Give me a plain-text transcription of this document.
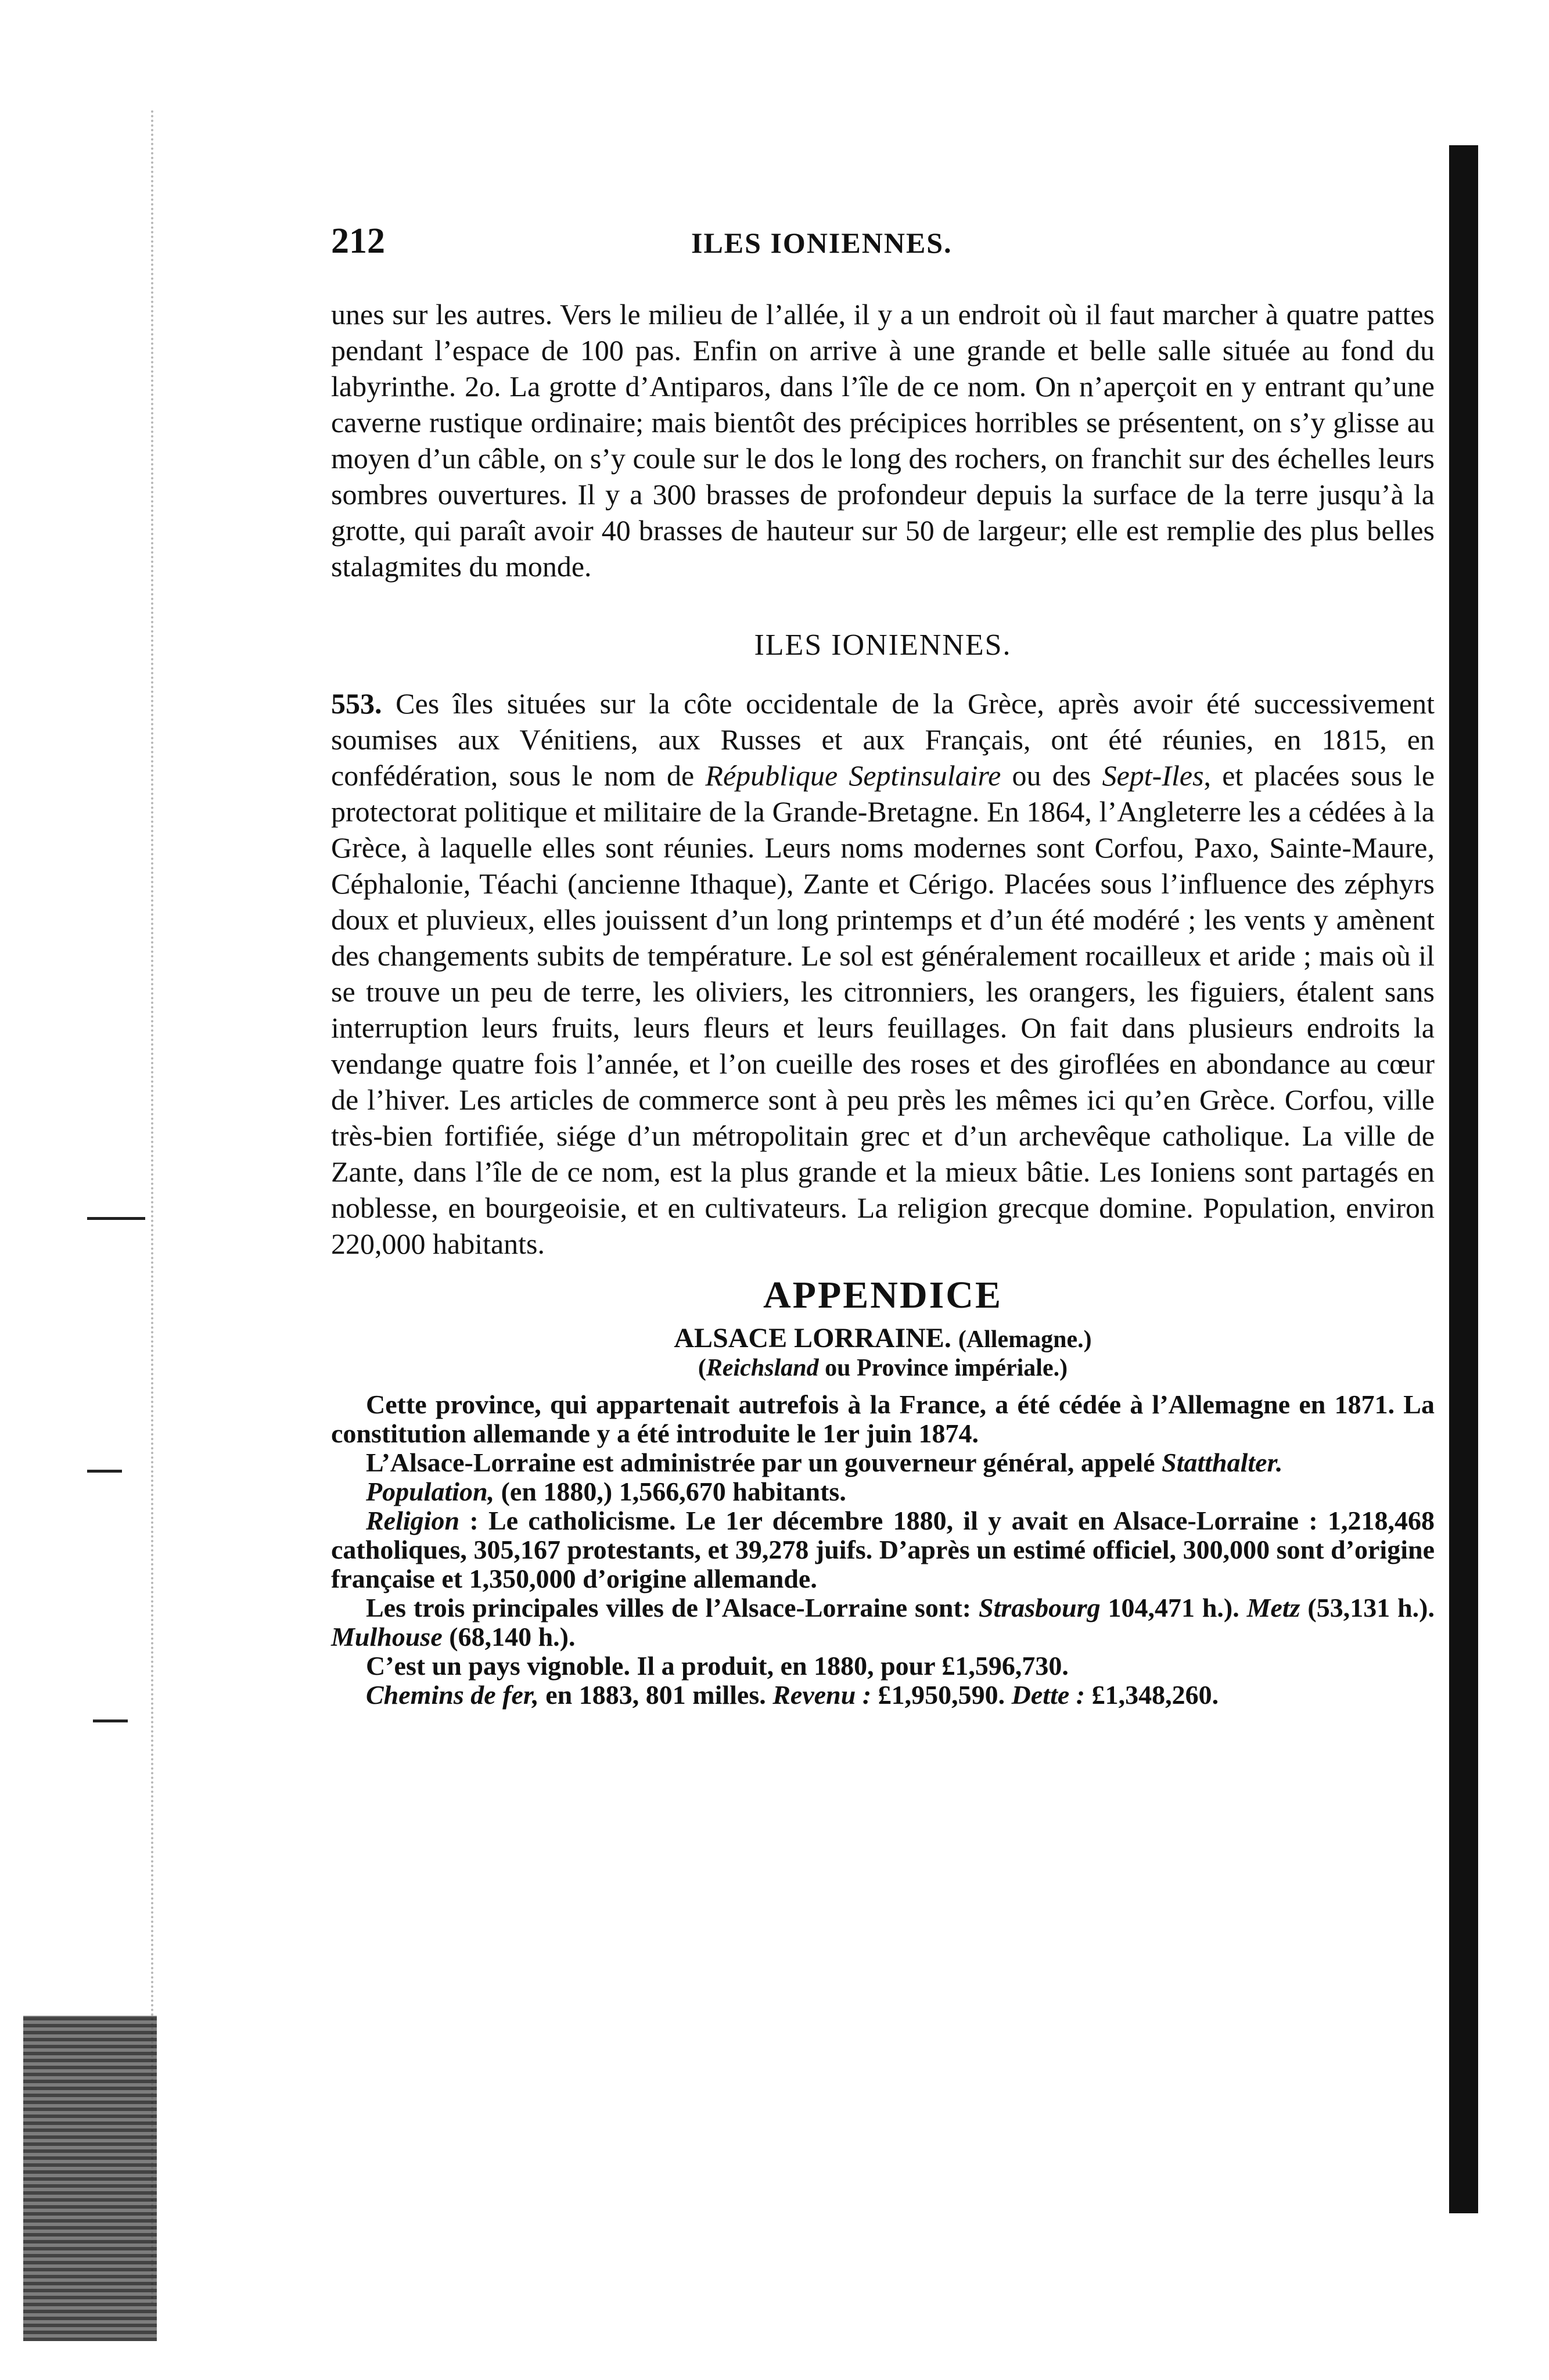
212	ILES IONIENNES.

unes sur les autres. Vers le milieu de l’allée, il y a un endroit où il faut marcher à quatre pattes pendant l’espace de 100 pas. Enfin on arrive à une grande et belle salle située au fond du labyrinthe. 2o. La grotte d’Antiparos, dans l’île de ce nom. On n’aperçoit en y entrant qu’une caverne rustique ordinaire; mais bientôt des précipices horribles se présentent, on s’y glisse au moyen d’un câble, on s’y coule sur le dos le long des rochers, on franchit sur des échelles leurs sombres ouvertures. Il y a 300 brasses de profondeur depuis la surface de la terre jusqu’à la grotte, qui paraît avoir 40 brasses de hauteur sur 50 de largeur; elle est remplie des plus belles stalagmites du monde.

ILES IONIENNES.

553. Ces îles situées sur la côte occidentale de la Grèce, après avoir été successivement soumises aux Vénitiens, aux Russes et aux Français, ont été réunies, en 1815, en confédération, sous le nom de République Septinsulaire ou des Sept-Iles, et placées sous le protectorat politique et militaire de la Grande-Bretagne. En 1864, l’Angleterre les a cédées à la Grèce, à laquelle elles sont réunies. Leurs noms modernes sont Corfou, Paxo, Sainte-Maure, Céphalonie, Téachi (ancienne Ithaque), Zante et Cérigo. Placées sous l’influence des zéphyrs doux et pluvieux, elles jouissent d’un long printemps et d’un été modéré ; les vents y amènent des changements subits de température. Le sol est généralement rocailleux et aride ; mais où il se trouve un peu de terre, les oliviers, les citronniers, les orangers, les figuiers, étalent sans interruption leurs fruits, leurs fleurs et leurs feuillages. On fait dans plusieurs endroits la vendange quatre fois l’année, et l’on cueille des roses et des giroflées en abondance au cœur de l’hiver. Les articles de commerce sont à peu près les mêmes ici qu’en Grèce. Corfou, ville très-bien fortifiée, siége d’un métropolitain grec et d’un archevêque catholique. La ville de Zante, dans l’île de ce nom, est la plus grande et la mieux bâtie. Les Ioniens sont partagés en noblesse, en bourgeoisie, et en cultivateurs. La religion grecque domine. Population, environ 220,000 habitants.

APPENDICE

ALSACE LORRAINE. (Allemagne.)

(Reichsland ou Province impériale.)

Cette province, qui appartenait autrefois à la France, a été cédée à l’Allemagne en 1871. La constitution allemande y a été introduite le 1er juin 1874.

L’Alsace-Lorraine est administrée par un gouverneur général, appelé Statthalter.

Population, (en 1880,) 1,566,670 habitants.

Religion : Le catholicisme. Le 1er décembre 1880, il y avait en Alsace-Lorraine : 1,218,468 catholiques, 305,167 protestants, et 39,278 juifs. D’après un estimé officiel, 300,000 sont d’origine française et 1,350,000 d’origine allemande.

Les trois principales villes de l’Alsace-Lorraine sont: Strasbourg 104,471 h.). Metz (53,131 h.). Mulhouse (68,140 h.).

C’est un pays vignoble. Il a produit, en 1880, pour £1,596,730.

Chemins de fer, en 1883, 801 milles. Revenu : £1,950,590. Dette : £1,348,260.
